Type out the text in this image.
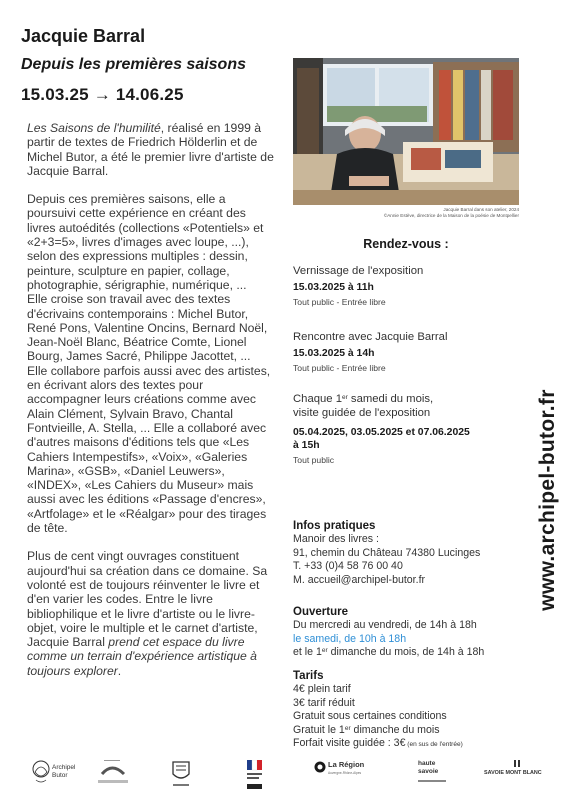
Jacquie Barral
Depuis les premières saisons
15.03.25 → 14.06.25

Les Saisons de l'humilité, réalisé en 1999 à partir de textes de Friedrich Hölderlin et de Michel Butor, a été le premier livre d'artiste de Jacquie Barral.

Depuis ces premières saisons, elle a poursuivi cette expérience en créant des livres autoédités (collections «Potentiels» et «2+3=5», livres d'images avec loupe, ...), selon des expressions multiples : dessin, peinture, sculpture en papier, collage, photographie, sérigraphie, numérique, ...

Elle croise son travail avec des textes d'écrivains contemporains : Michel Butor, René Pons, Valentine Oncins, Bernard Noël, Jean-Noël Blanc, Béatrice Comte, Lionel Bourg, James Sacré, Philippe Jacottet, ...

Elle collabore parfois aussi avec des artistes, en écrivant alors des textes pour accompagner leurs créations comme avec Alain Clément, Sylvain Bravo, Chantal Fontvieille, A. Stella, ... Elle a collaboré avec d'autres maisons d'éditions tels que «Les Cahiers Intempestifs», «Voix», «Galeries Marina», «GSB», «Daniel Leuwers», «INDEX», «Les Cahiers du Museur» mais aussi avec les éditions «Passage d'encres», «Artfolage» et le «Réalgar» pour des tirages de tête.

Plus de cent vingt ouvrages constituent aujourd'hui sa création dans ce domaine. Sa volonté est de toujours réinventer le livre et d'en varier les codes. Entre le livre bibliophilique et le livre d'artiste ou le livre-objet, voire le multiple et le carnet d'artiste, Jacquie Barral prend cet espace du livre comme un terrain d'expérience artistique à toujours explorer.

Jacquie Barral dans son atelier, 2024
©Annie Estève, directrice de la Maison de la poésie de Montpellier
Rendez-vous :
Vernissage de l'exposition
15.03.2025 à 11h
Tout public - Entrée libre
Rencontre avec Jacquie Barral
15.03.2025 à 14h
Tout public - Entrée libre
Chaque 1er samedi du mois,
visite guidée de l'exposition
05.04.2025, 03.05.2025 et 07.06.2025
à 15h
Tout public
Infos pratiques
Manoir des livres :
91, chemin du Château 74380 Lucinges
T. +33 (0)4 58 76 00 40
M. accueil@archipel-butor.fr
Ouverture
Du mercredi au vendredi, de 14h à 18h
le samedi, de 10h à 18h
et le 1er dimanche du mois, de 14h à 18h
Tarifs
4€ plein tarif
3€ tarif réduit
Gratuit sous certaines conditions
Gratuit le 1er dimanche du mois
Forfait visite guidée : 3€ (en sus de l'entrée)
www.archipel-butor.fr
Archipel
Butor
La Région
Auvergne-Rhône-Alpes
haute
savoie	SAVOIE MONT BLANC
